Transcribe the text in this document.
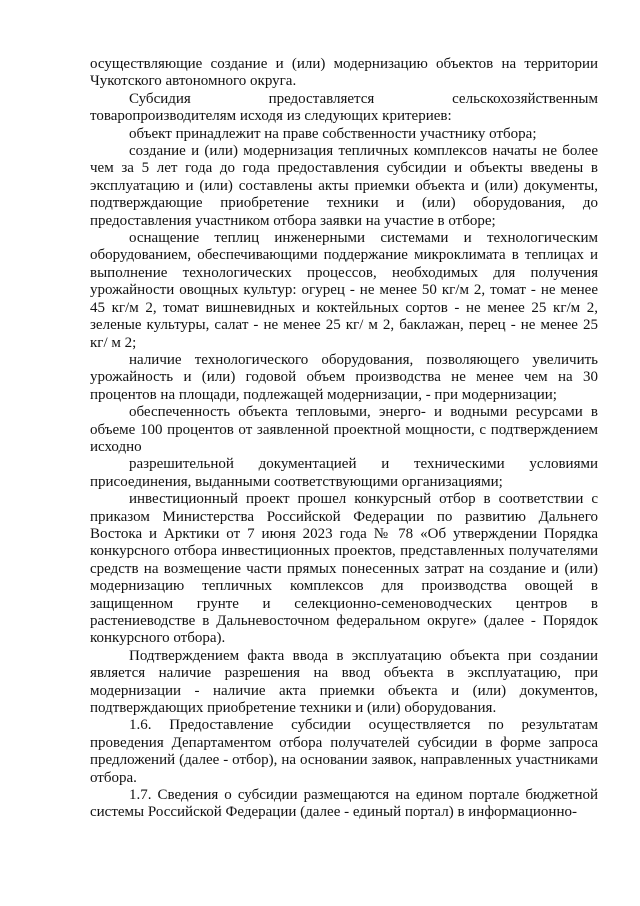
осуществляющие создание и (или) модернизацию объектов на территории Чукотского автономного округа.

Субсидия предоставляется сельскохозяйственным товаропроизводителям исходя из следующих критериев:

объект принадлежит на праве собственности участнику отбора;

создание и (или) модернизация тепличных комплексов начаты не более чем за 5 лет года до года предоставления субсидии и объекты введены в эксплуатацию и (или) составлены акты приемки объекта и (или) документы, подтверждающие приобретение техники и (или) оборудования, до предоставления участником отбора заявки на участие в отборе;

оснащение теплиц инженерными системами и технологическим оборудованием, обеспечивающими поддержание микроклимата в теплицах и выполнение технологических процессов, необходимых для получения урожайности овощных культур: огурец - не менее 50 кг/м 2, томат - не менее 45 кг/м 2, томат вишневидных и коктейльных сортов - не менее 25 кг/м 2, зеленые культуры, салат - не менее 25 кг/ м 2, баклажан, перец - не менее 25 кг/ м 2;

наличие технологического оборудования, позволяющего увеличить урожайность и (или) годовой объем производства не менее чем на 30 процентов на площади, подлежащей модернизации, - при модернизации;

обеспеченность объекта тепловыми, энерго- и водными ресурсами в объеме 100 процентов от заявленной проектной мощности, с подтверждением исходно

разрешительной документацией и техническими условиями присоединения, выданными соответствующими организациями;

инвестиционный проект прошел конкурсный отбор в соответствии с приказом Министерства Российской Федерации по развитию Дальнего Востока и Арктики от 7 июня 2023 года № 78 «Об утверждении Порядка конкурсного отбора инвестиционных проектов, представленных получателями средств на возмещение части прямых понесенных затрат на создание и (или) модернизацию тепличных комплексов для производства овощей в защищенном грунте и селекционно-семеноводческих центров в растениеводстве в Дальневосточном федеральном округе» (далее - Порядок конкурсного отбора).

Подтверждением факта ввода в эксплуатацию объекта при создании является наличие разрешения на ввод объекта в эксплуатацию, при модернизации - наличие акта приемки объекта и (или) документов, подтверждающих приобретение техники и (или) оборудования.

1.6. Предоставление субсидии осуществляется по результатам проведения Департаментом отбора получателей субсидии в форме запроса предложений (далее - отбор), на основании заявок, направленных участниками отбора.

1.7. Сведения о субсидии размещаются на едином портале бюджетной системы Российской Федерации (далее - единый портал) в информационно-
